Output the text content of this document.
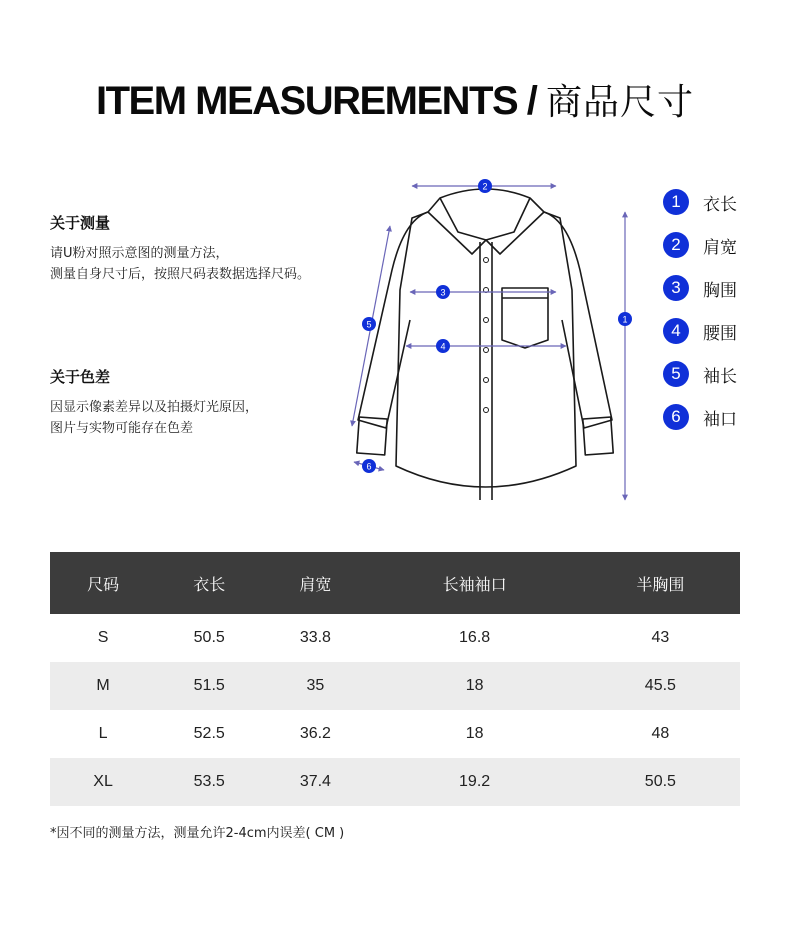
ITEM MEASUREMENTS / 商品尺寸
关于测量
请U粉对照示意图的测量方法，
测量自身尺寸后，按照尺码表数据选择尺码。
关于色差
因显示像素差异以及拍摄灯光原因，
图片与实物可能存在色差
2
3
4
1
5
6
1	衣长
2	肩宽
3	胸围
4	腰围
5	袖长
6	袖口
尺码	衣长	肩宽	长袖袖口	半胸围
S	50.5	33.8	16.8	43
M	51.5	35	18	45.5
L	52.5	36.2	18	48
XL	53.5	37.4	19.2	50.5
*因不同的测量方法，测量允许2-4cm内误差( CM )
